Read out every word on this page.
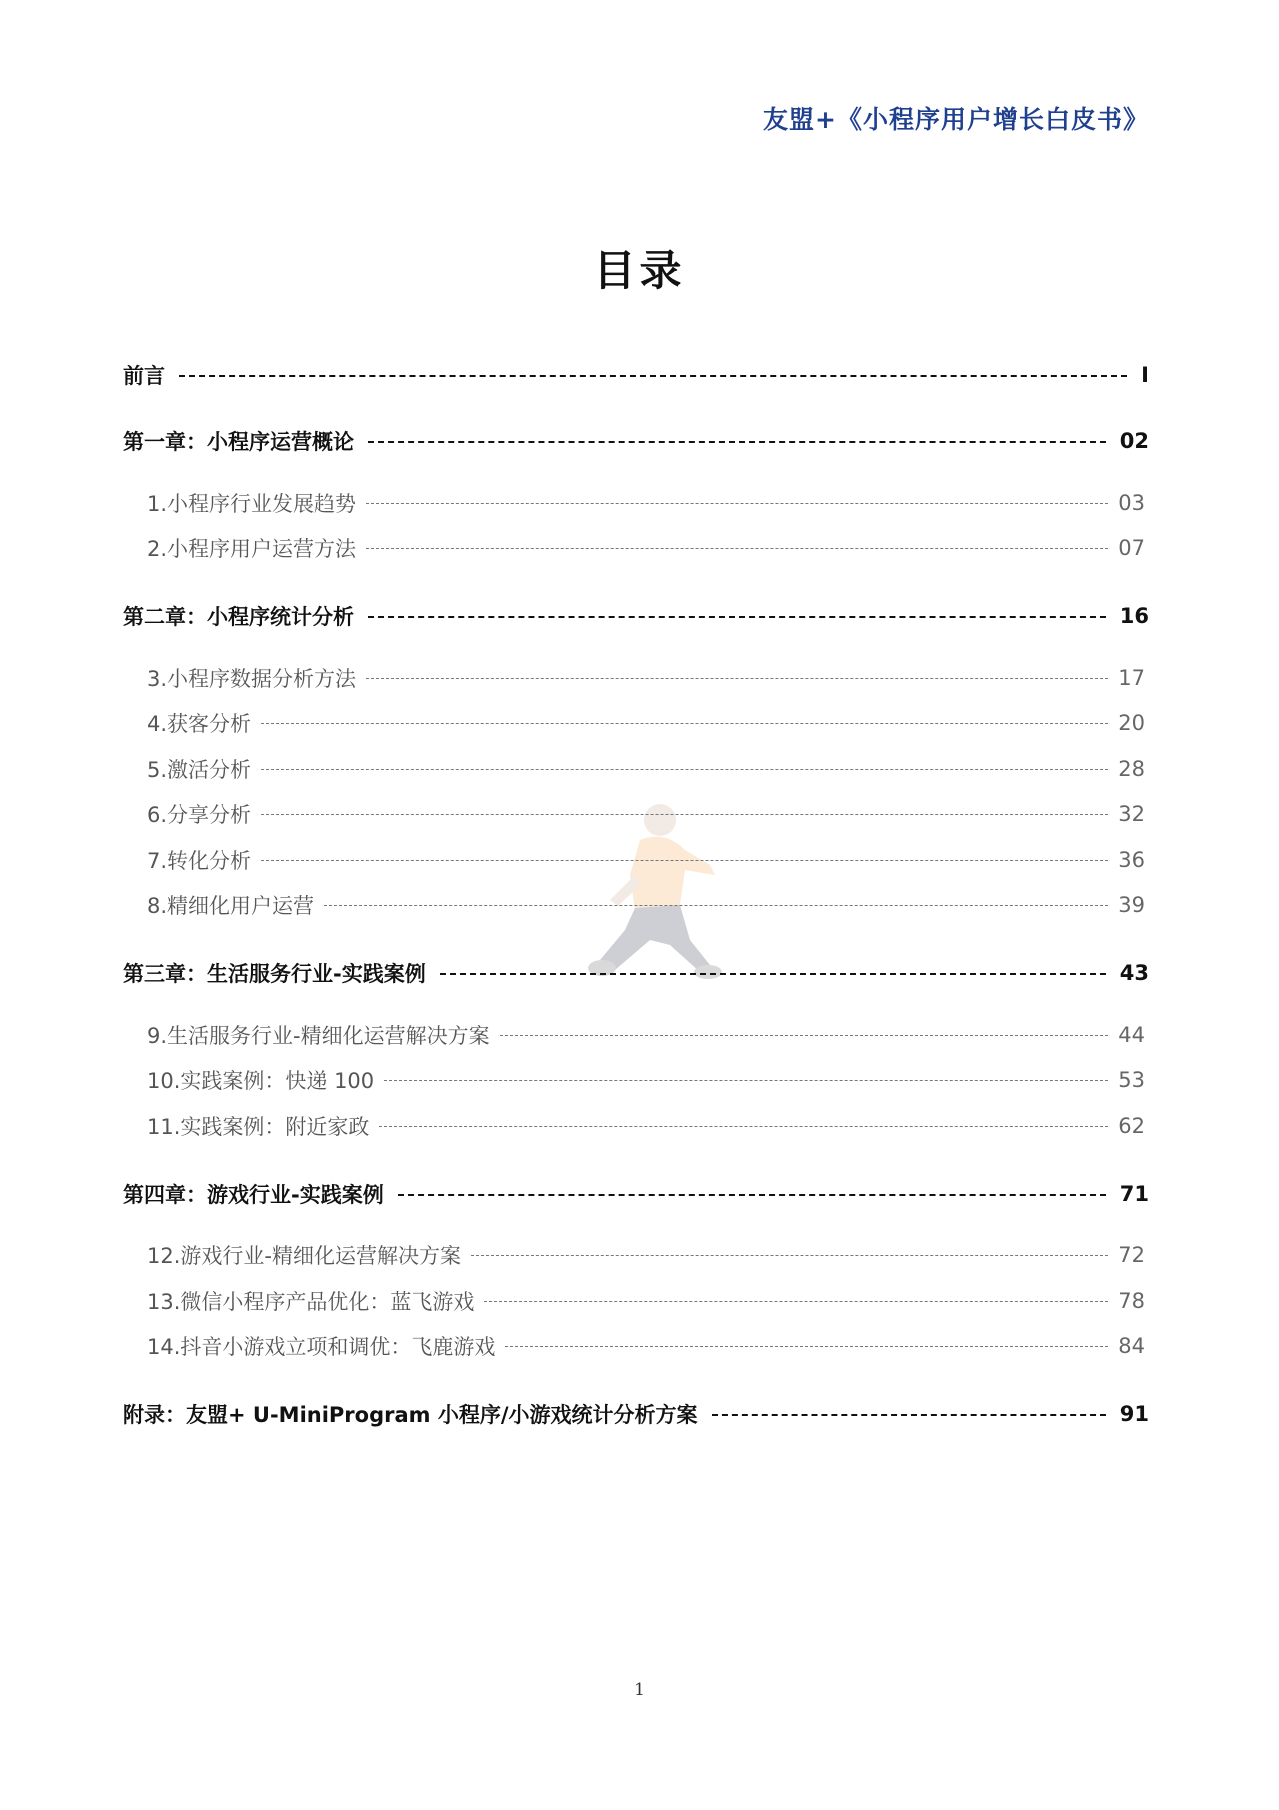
友盟+《小程序用户增长白皮书》
目录
前言	I
第一章：小程序运营概论	02
1.小程序行业发展趋势	03
2.小程序用户运营方法	07
第二章：小程序统计分析	16
3.小程序数据分析方法	17
4.获客分析	20
5.激活分析	28
6.分享分析	32
7.转化分析	36
8.精细化用户运营	39
第三章：生活服务行业-实践案例	43
9.生活服务行业-精细化运营解决方案	44
10.实践案例：快递 100	53
11.实践案例：附近家政	62
第四章：游戏行业-实践案例	71
12.游戏行业-精细化运营解决方案	72
13.微信小程序产品优化：蓝飞游戏	78
14.抖音小游戏立项和调优：飞鹿游戏	84
附录：友盟+ U-MiniProgram 小程序/小游戏统计分析方案	91
1
